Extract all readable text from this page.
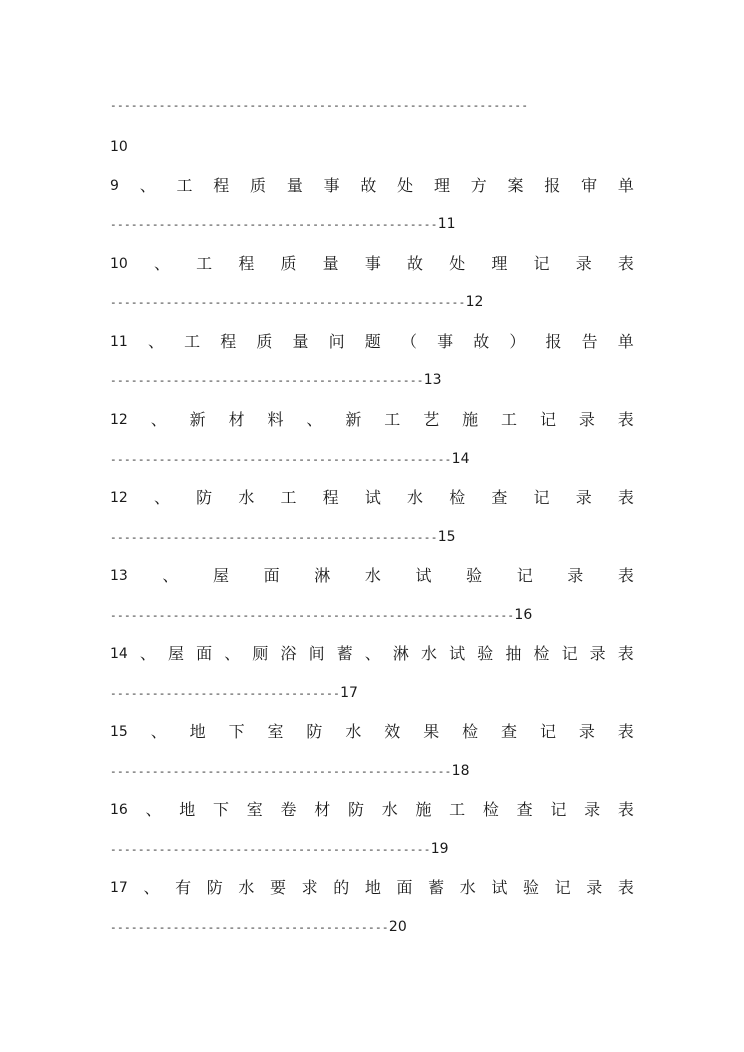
------------------------------------------------------------
10
9 、 工 程 质 量 事 故 处 理 方 案 报 审 单
-----------------------------------------------11
10 、 工 程 质 量 事 故 处 理 记 录 表
---------------------------------------------------12
11 、 工 程 质 量 问 题 （ 事 故 ） 报 告 单
---------------------------------------------13
12 、 新 材 料 、 新 工 艺 施 工 记 录 表
-------------------------------------------------14
12 、 防 水 工 程 试 水 检 查 记 录 表
-----------------------------------------------15
13 、 屋 面 淋 水 试 验 记 录 表
----------------------------------------------------------16
14 、 屋 面 、 厕 浴 间 蓄 、 淋 水 试 验 抽 检 记 录 表
---------------------------------17
15 、 地 下 室 防 水 效 果 检 查 记 录 表
-------------------------------------------------18
16 、 地 下 室 卷 材 防 水 施 工 检 查 记 录 表
----------------------------------------------19
17 、 有 防 水 要 求 的 地 面 蓄 水 试 验 记 录 表
----------------------------------------20
